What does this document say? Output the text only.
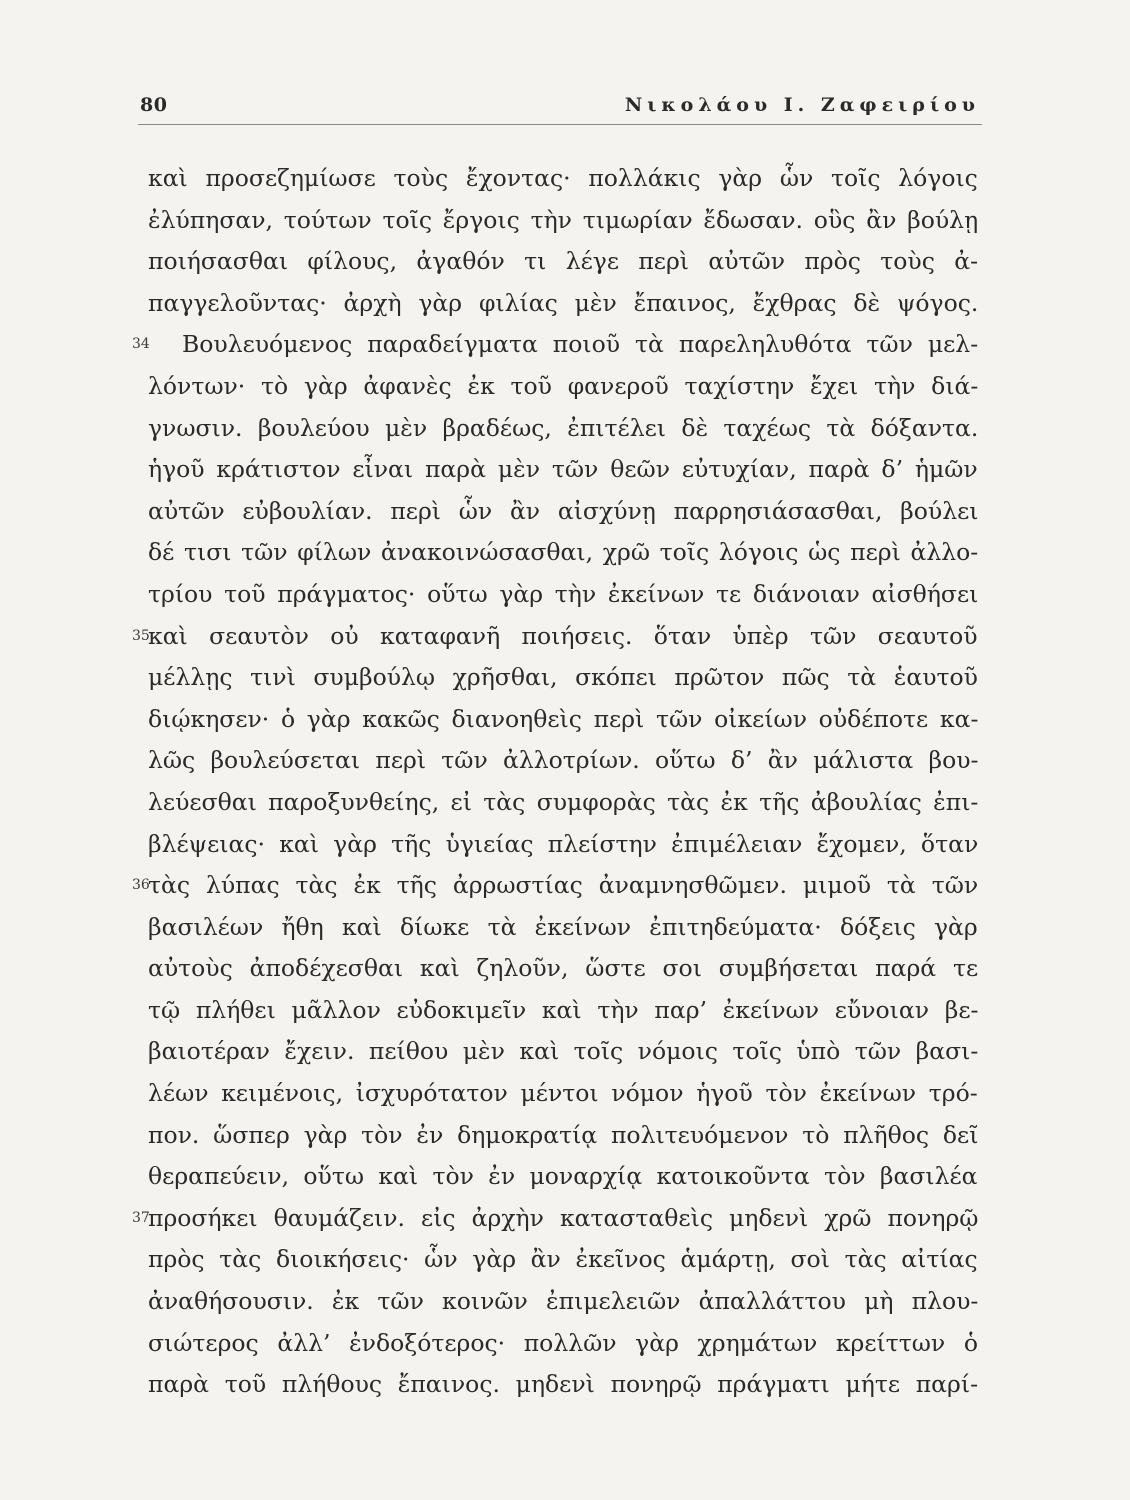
80	Νικολάου Ι. Ζαφειρίου
καὶ προσεζημίωσε τοὺς ἔχοντας· πολλάκις γὰρ ὧν τοῖς λόγοις
ἐλύπησαν, τούτων τοῖς ἔργοις τὴν τιμωρίαν ἔδωσαν. οὓς ἂν βούλῃ
ποιήσασθαι φίλους, ἀγαθόν τι λέγε περὶ αὐτῶν πρὸς τοὺς ἀ-
παγγελοῦντας· ἀρχὴ γὰρ φιλίας μὲν ἔπαινος, ἔχθρας δὲ ψόγος.
34 Βουλευόμενος παραδείγματα ποιοῦ τὰ παρεληλυθότα τῶν μελ-
λόντων· τὸ γὰρ ἀφανὲς ἐκ τοῦ φανεροῦ ταχίστην ἔχει τὴν διά-
γνωσιν. βουλεύου μὲν βραδέως, ἐπιτέλει δὲ ταχέως τὰ δόξαντα.
ἡγοῦ κράτιστον εἶναι παρὰ μὲν τῶν θεῶν εὐτυχίαν, παρὰ δ’ ἡμῶν
αὐτῶν εὐβουλίαν. περὶ ὧν ἂν αἰσχύνῃ παρρησιάσασθαι, βούλει
δέ τισι τῶν φίλων ἀνακοινώσασθαι, χρῶ τοῖς λόγοις ὡς περὶ ἀλλο-
τρίου τοῦ πράγματος· οὕτω γὰρ τὴν ἐκείνων τε διάνοιαν αἰσθήσει
35
καὶ σεαυτὸν οὐ καταφανῆ ποιήσεις. ὅταν ὑπὲρ τῶν σεαυτοῦ
μέλλῃς τινὶ συμβούλῳ χρῆσθαι, σκόπει πρῶτον πῶς τὰ ἑαυτοῦ
διῴκησεν· ὁ γὰρ κακῶς διανοηθεὶς περὶ τῶν οἰκείων οὐδέποτε κα-
λῶς βουλεύσεται περὶ τῶν ἀλλοτρίων. οὕτω δ’ ἂν μάλιστα βου-
λεύεσθαι παροξυνθείης, εἰ τὰς συμφορὰς τὰς ἐκ τῆς ἀβουλίας ἐπι-
βλέψειας· καὶ γὰρ τῆς ὑγιείας πλείστην ἐπιμέλειαν ἔχομεν, ὅταν
36
τὰς λύπας τὰς ἐκ τῆς ἀρρωστίας ἀναμνησθῶμεν. μιμοῦ τὰ τῶν
βασιλέων ἤθη καὶ δίωκε τὰ ἐκείνων ἐπιτηδεύματα· δόξεις γὰρ
αὐτοὺς ἀποδέχεσθαι καὶ ζηλοῦν, ὥστε σοι συμβήσεται παρά τε
τῷ πλήθει μᾶλλον εὐδοκιμεῖν καὶ τὴν παρ’ ἐκείνων εὔνοιαν βε-
βαιοτέραν ἔχειν. πείθου μὲν καὶ τοῖς νόμοις τοῖς ὑπὸ τῶν βασι-
λέων κειμένοις, ἰσχυρότατον μέντοι νόμον ἡγοῦ τὸν ἐκείνων τρό-
πον. ὥσπερ γὰρ τὸν ἐν δημοκρατίᾳ πολιτευόμενον τὸ πλῆθος δεῖ
θεραπεύειν, οὕτω καὶ τὸν ἐν μοναρχίᾳ κατοικοῦντα τὸν βασιλέα
37
προσήκει θαυμάζειν. εἰς ἀρχὴν κατασταθεὶς μηδενὶ χρῶ πονηρῷ
πρὸς τὰς διοικήσεις· ὧν γὰρ ἂν ἐκεῖνος ἁμάρτῃ, σοὶ τὰς αἰτίας
ἀναθήσουσιν. ἐκ τῶν κοινῶν ἐπιμελειῶν ἀπαλλάττου μὴ πλου-
σιώτερος ἀλλ’ ἐνδοξότερος· πολλῶν γὰρ χρημάτων κρείττων ὁ
παρὰ τοῦ πλήθους ἔπαινος. μηδενὶ πονηρῷ πράγματι μήτε παρί-
